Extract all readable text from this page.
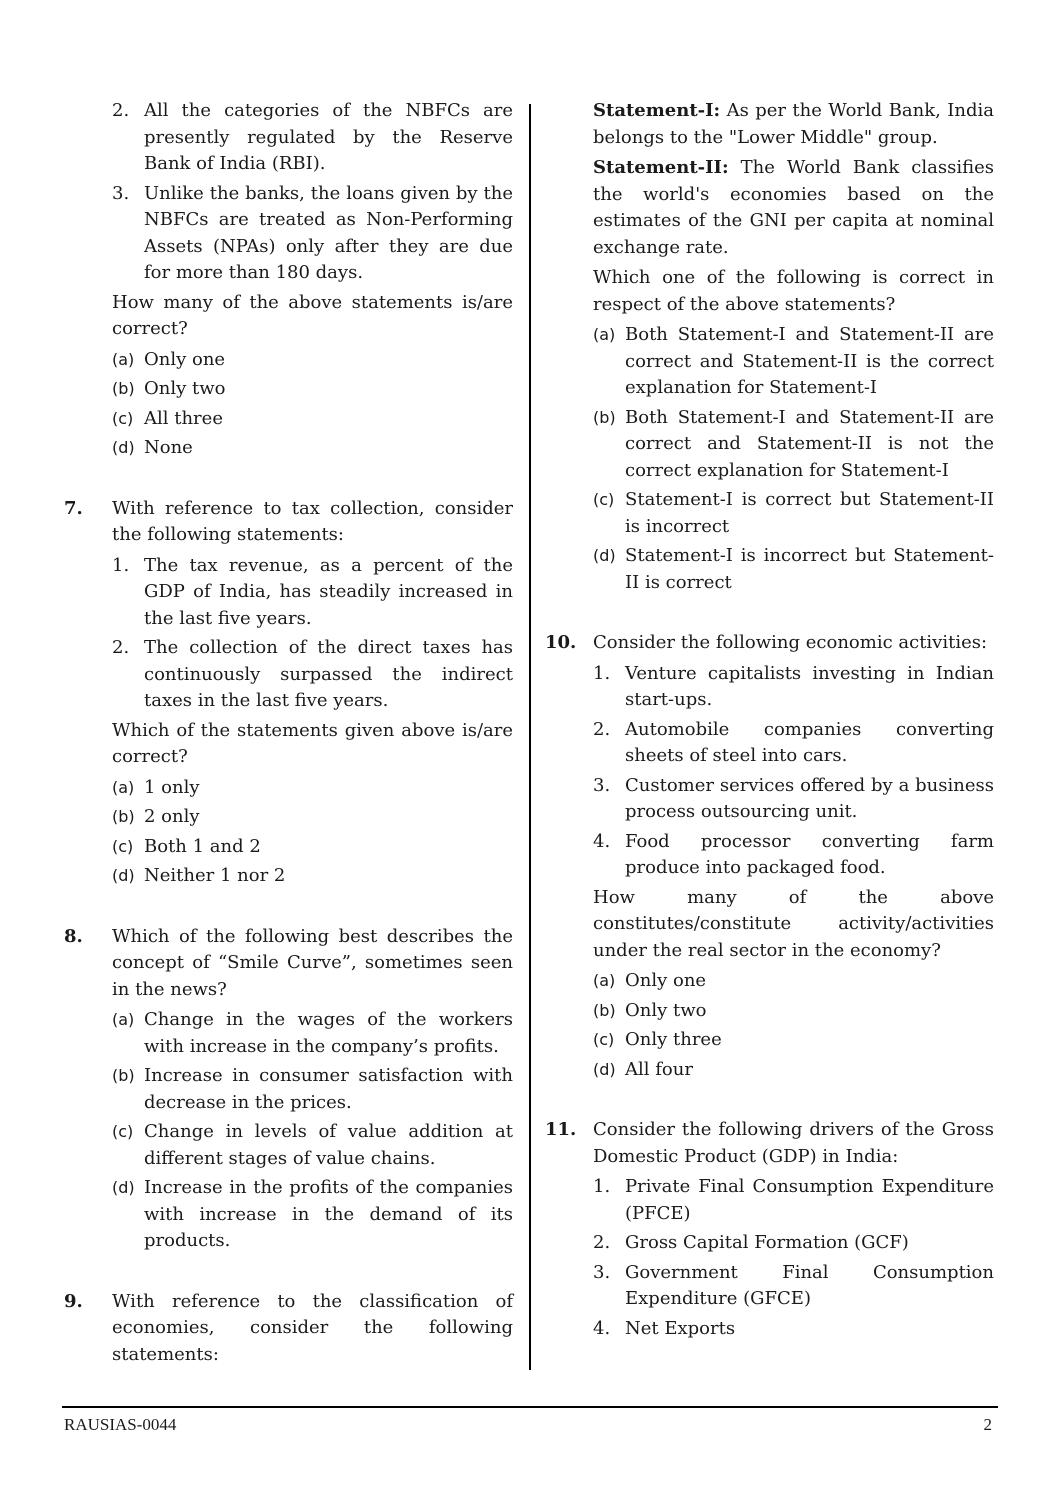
2. All the categories of the NBFCs are presently regulated by the Reserve Bank of India (RBI).
3. Unlike the banks, the loans given by the NBFCs are treated as Non-Performing Assets (NPAs) only after they are due for more than 180 days.

How many of the above statements is/are correct?

(a) Only one
(b) Only two
(c) All three
(d) None
7. With reference to tax collection, consider the following statements:

1. The tax revenue, as a percent of the GDP of India, has steadily increased in the last five years.
2. The collection of the direct taxes has continuously surpassed the indirect taxes in the last five years.

Which of the statements given above is/are correct?

(a) 1 only
(b) 2 only
(c) Both 1 and 2
(d) Neither 1 nor 2
8. Which of the following best describes the concept of “Smile Curve”, sometimes seen in the news?

(a) Change in the wages of the workers with increase in the company’s profits.
(b) Increase in consumer satisfaction with decrease in the prices.
(c) Change in levels of value addition at different stages of value chains.
(d) Increase in the profits of the companies with increase in the demand of its products.
9. With reference to the classification of economies, consider the following statements:

Statement-I: As per the World Bank, India belongs to the "Lower Middle" group.

Statement-II: The World Bank classifies the world's economies based on the estimates of the GNI per capita at nominal exchange rate.

Which one of the following is correct in respect of the above statements?

(a) Both Statement-I and Statement-II are correct and Statement-II is the correct explanation for Statement-I
(b) Both Statement-I and Statement-II are correct and Statement-II is not the correct explanation for Statement-I
(c) Statement-I is correct but Statement-II is incorrect
(d) Statement-I is incorrect but Statement-II is correct
10. Consider the following economic activities:

1. Venture capitalists investing in Indian start-ups.
2. Automobile companies converting sheets of steel into cars.
3. Customer services offered by a business process outsourcing unit.
4. Food processor converting farm produce into packaged food.

How many of the above constitutes/constitute activity/activities under the real sector in the economy?

(a) Only one
(b) Only two
(c) Only three
(d) All four
11. Consider the following drivers of the Gross Domestic Product (GDP) in India:

1. Private Final Consumption Expenditure (PFCE)
2. Gross Capital Formation (GCF)
3. Government Final Consumption Expenditure (GFCE)
4. Net Exports
RAUSIAS-0044	2
